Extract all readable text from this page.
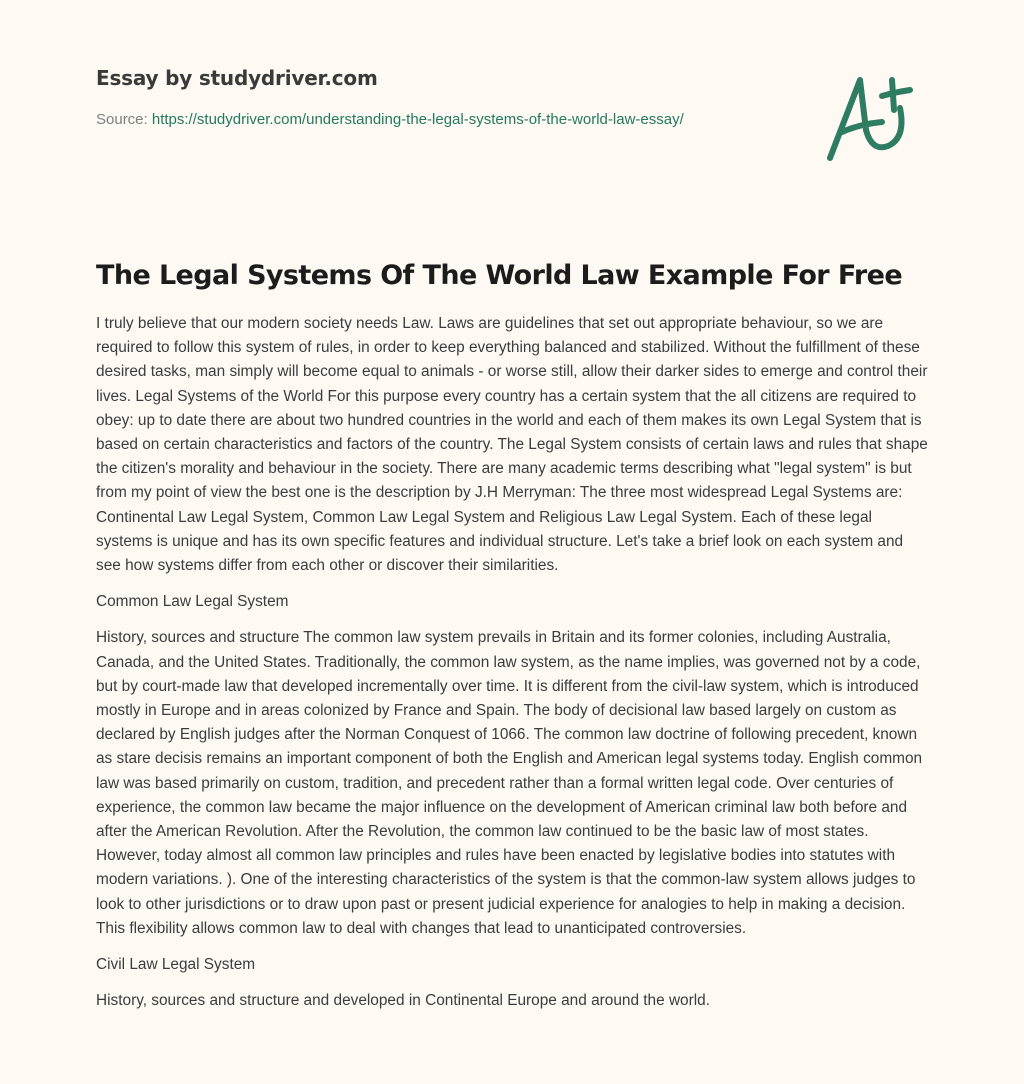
Essay by studydriver.com
Source: https://studydriver.com/understanding-the-legal-systems-of-the-world-law-essay/
The Legal Systems Of The World Law Example For Free

I truly believe that our modern society needs Law. Laws are guidelines that set out appropriate behaviour, so we are required to follow this system of rules, in order to keep everything balanced and stabilized. Without the fulfillment of these desired tasks, man simply will become equal to animals - or worse still, allow their darker sides to emerge and control their lives. Legal Systems of the World For this purpose every country has a certain system that the all citizens are required to obey: up to date there are about two hundred countries in the world and each of them makes its own Legal System that is based on certain characteristics and factors of the country. The Legal System consists of certain laws and rules that shape the citizen's morality and behaviour in the society. There are many academic terms describing what "legal system" is but from my point of view the best one is the description by J.H Merryman: The three most widespread Legal Systems are: Continental Law Legal System, Common Law Legal System and Religious Law Legal System. Each of these legal systems is unique and has its own specific features and individual structure. Let's take a brief look on each system and see how systems differ from each other or discover their similarities.

Common Law Legal System

History, sources and structure The common law system prevails in Britain and its former colonies, including Australia, Canada, and the United States. Traditionally, the common law system, as the name implies, was governed not by a code, but by court-made law that developed incrementally over time. It is different from the civil-law system, which is introduced mostly in Europe and in areas colonized by France and Spain. The body of decisional law based largely on custom as declared by English judges after the Norman Conquest of 1066. The common law doctrine of following precedent, known as stare decisis remains an important component of both the English and American legal systems today. English common law was based primarily on custom, tradition, and precedent rather than a formal written legal code. Over centuries of experience, the common law became the major influence on the development of American criminal law both before and after the American Revolution. After the Revolution, the common law continued to be the basic law of most states. However, today almost all common law principles and rules have been enacted by legislative bodies into statutes with modern variations. ). One of the interesting characteristics of the system is that the common-law system allows judges to look to other jurisdictions or to draw upon past or present judicial experience for analogies to help in making a decision. This flexibility allows common law to deal with changes that lead to unanticipated controversies.

Civil Law Legal System

History, sources and structure and developed in Continental Europe and around the world.
